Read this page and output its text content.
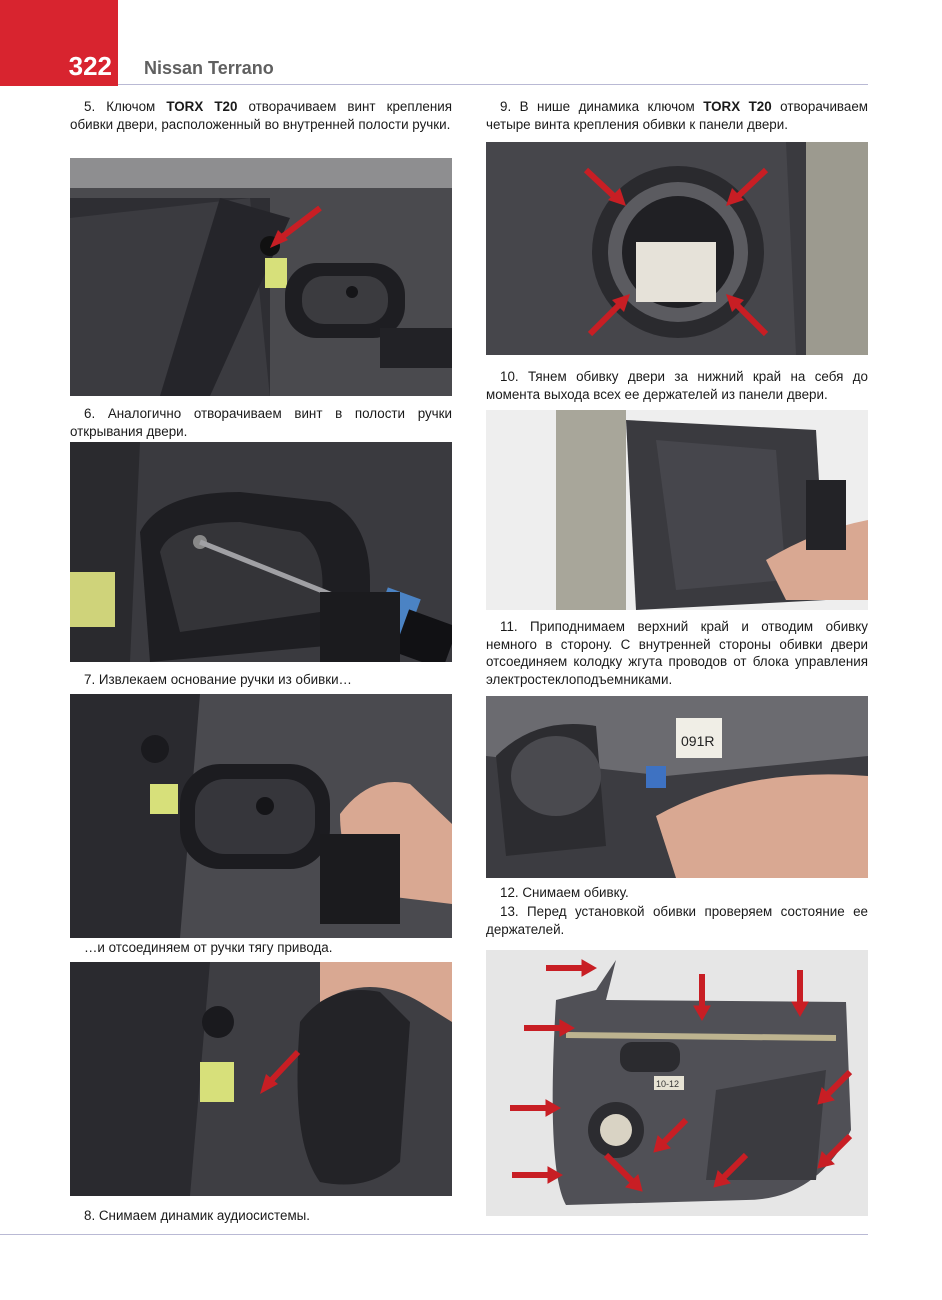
322 Nissan Terrano

5. Ключом TORX T20 отворачиваем винт крепления обивки двери, расположенный во внутренней полости ручки.

6. Аналогично отворачиваем винт в полости ручки открывания двери.

7. Извлекаем основание ручки из обивки…

…и отсоединяем от ручки тягу привода.

8. Снимаем динамик аудиосистемы.

9. В нише динамика ключом TORX T20 отворачиваем четыре винта крепления обивки к панели двери.

10. Тянем обивку двери за нижний край на себя до момента выхода всех ее держателей из панели двери.

11. Приподнимаем верхний край и отводим обивку немного в сторону. С внутренней стороны обивки двери отсоединяем колодку жгута проводов от блока управления электростеклоподъемниками.

091R

12. Снимаем обивку.

13. Перед установкой обивки проверяем состояние ее держателей.

10-12
